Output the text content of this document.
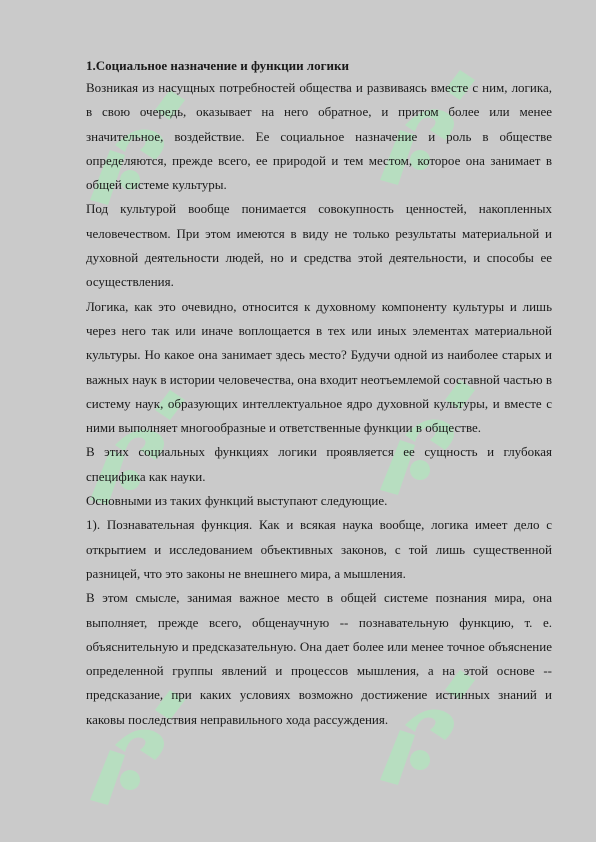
1.Социальное назначение и функции логики

Возникая из насущных потребностей общества и развиваясь вместе с ним, логика, в свою очередь, оказывает на него обратное, и притом более или менее значительное, воздействие. Ее социальное назначение и роль в обществе определяются, прежде всего, ее природой и тем местом, которое она занимает в общей системе культуры.

Под культурой вообще понимается совокупность ценностей, накопленных человечеством. При этом имеются в виду не только результаты материальной и духовной деятельности людей, но и средства этой деятельности, и способы ее осуществления.

Логика, как это очевидно, относится к духовному компоненту культуры и лишь через него так или иначе воплощается в тех или иных элементах материальной культуры. Но какое она занимает здесь место? Будучи одной из наиболее старых и важных наук в истории человечества, она входит неотъемлемой составной частью в систему наук, образующих интеллектуальное ядро духовной культуры, и вместе с ними выполняет многообразные и ответственные функции в обществе.

В этих социальных функциях логики проявляется ее сущность и глубокая специфика как науки.

Основными из таких функций выступают следующие.

1). Познавательная функция. Как и всякая наука вообще, логика имеет дело с открытием и исследованием объективных законов, с той лишь существенной разницей, что это законы не внешнего мира, а мышления.

В этом смысле, занимая важное место в общей системе познания мира, она выполняет, прежде всего, общенаучную -- познавательную функцию, т. е. объяснительную и предсказательную. Она дает более или менее точное объяснение определенной группы явлений и процессов мышления, а на этой основе -- предсказание, при каких условиях возможно достижение истинных знаний и каковы последствия неправильного хода рассуждения.
